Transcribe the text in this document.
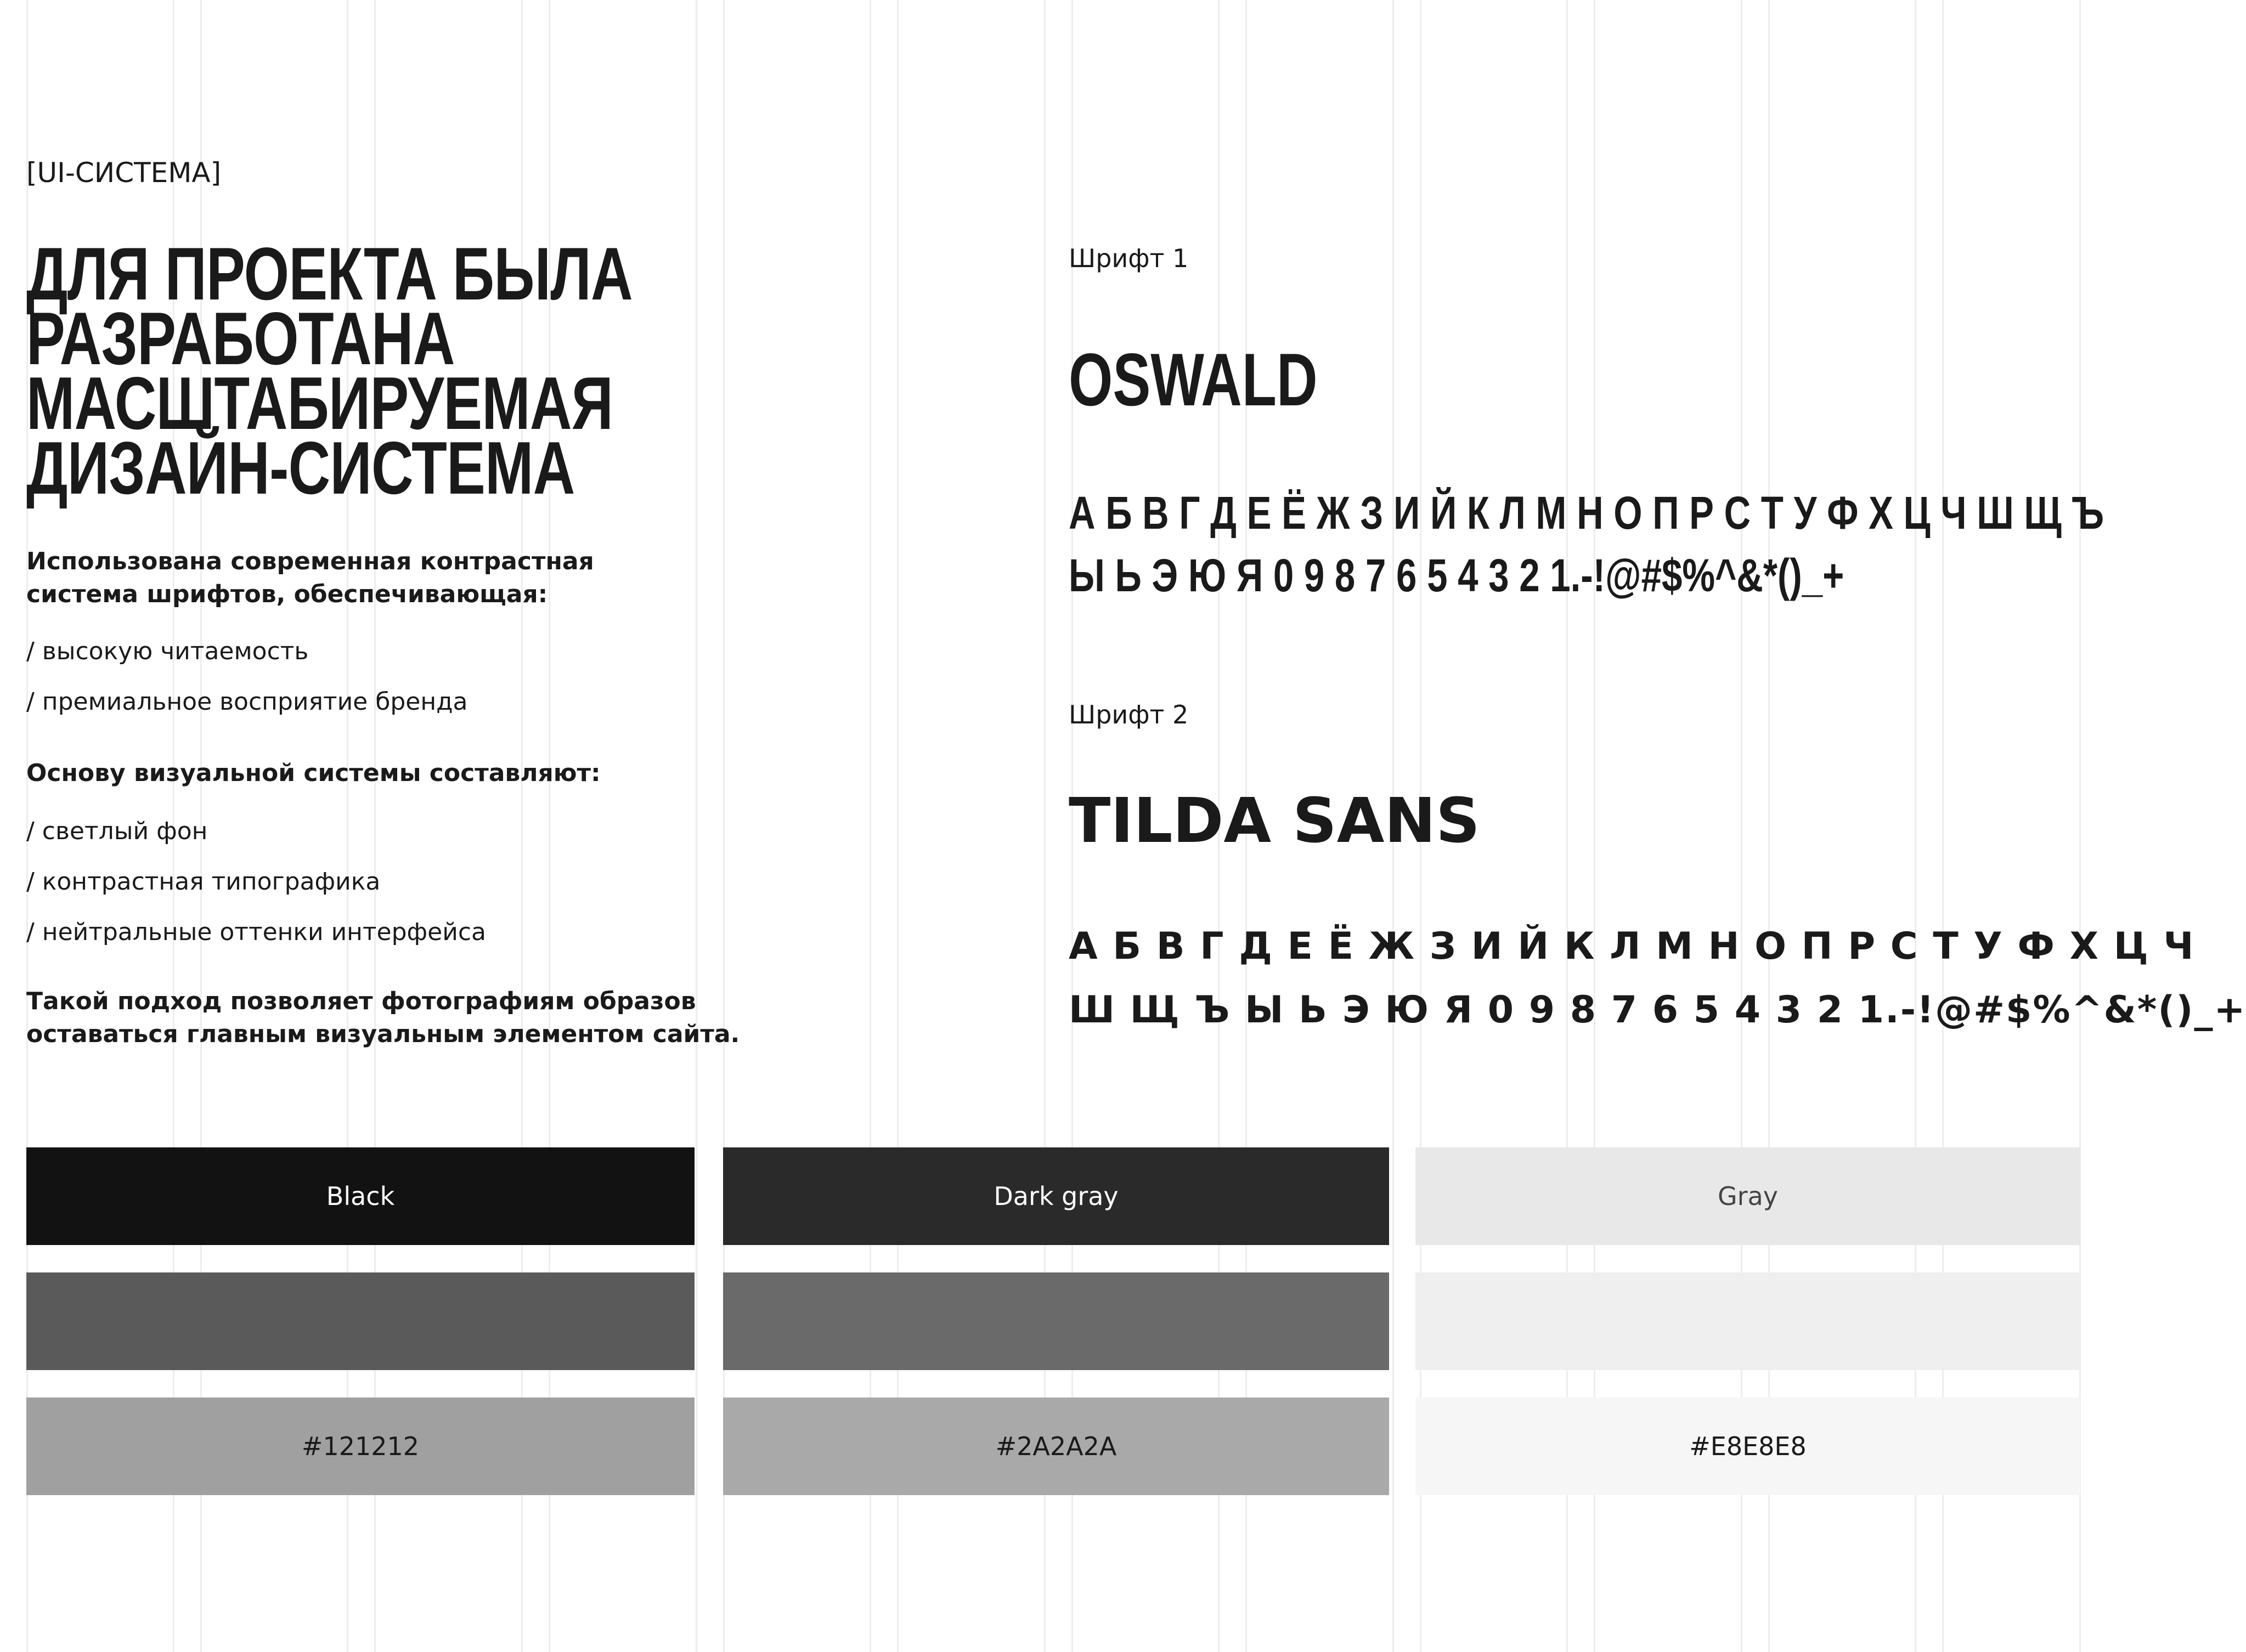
[UI-СИСТЕМА]
ДЛЯ ПРОЕКТА БЫЛА
РАЗРАБОТАНА
МАСШТАБИРУЕМАЯ
ДИЗАЙН-СИСТЕМА
Использована современная контрастная
система шрифтов, обеспечивающая:
/ высокую читаемость
/ премиальное восприятие бренда
Основу визуальной системы составляют:
/ светлый фон
/ контрастная типографика
/ нейтральные оттенки интерфейса
Такой подход позволяет фотографиям образов
оставаться главным визуальным элементом сайта.
Шрифт 1
OSWALD
А Б В Г Д Е Ё Ж З И Й К Л М Н О П Р С Т У Ф Х Ц Ч Ш Щ Ъ
Ы Ь Э Ю Я 0 9 8 7 6 5 4 3 2 1.-!@#$%^&*()_+
Шрифт 2
TILDA SANS
А Б В Г Д Е Ё Ж З И Й К Л М Н О П Р С Т У Ф Х Ц Ч
Ш Щ Ъ Ы Ь Э Ю Я 0 9 8 7 6 5 4 3 2 1.-!@#$%^&*()_+
Black
#121212
Dark gray
#2A2A2A
Gray
#E8E8E8
